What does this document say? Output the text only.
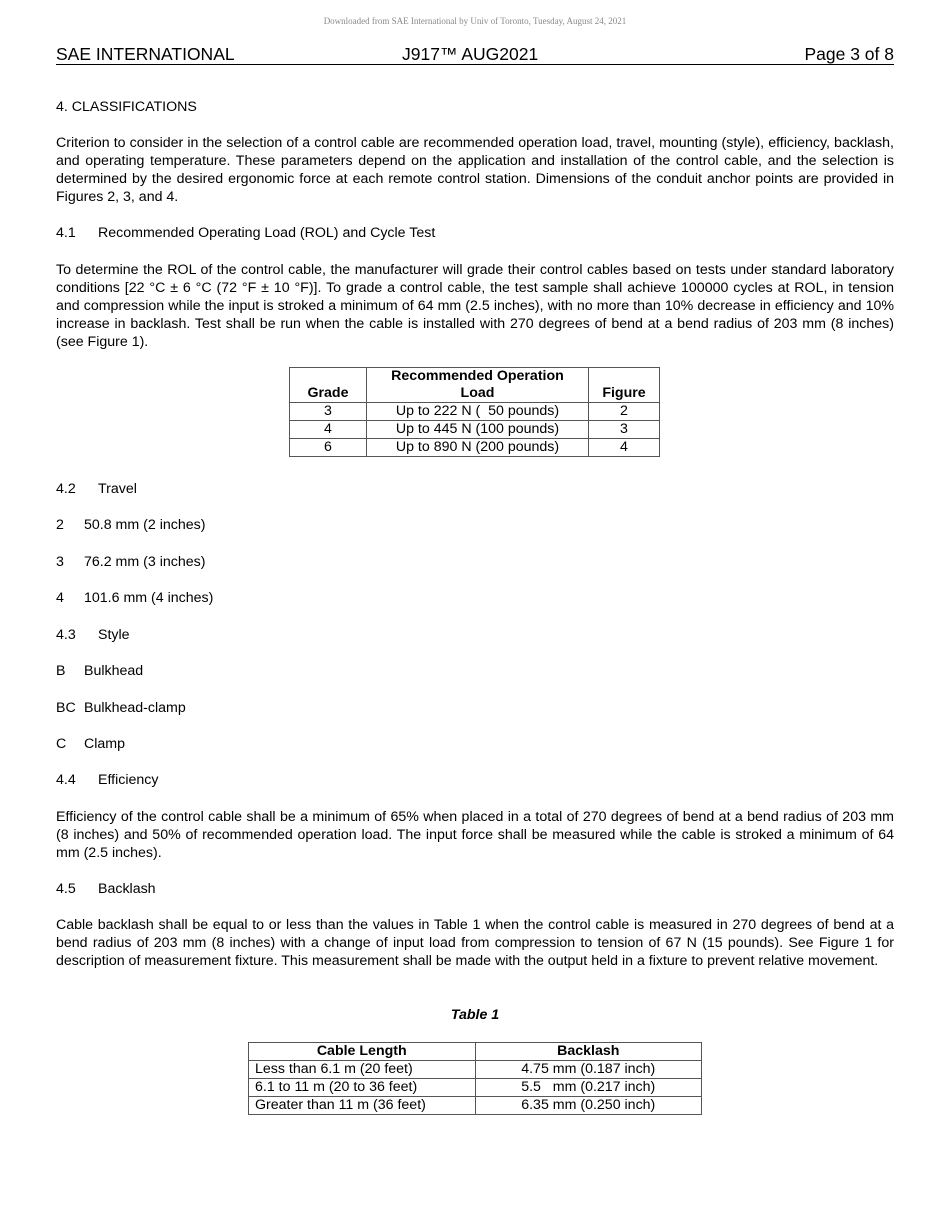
Downloaded from SAE International by Univ of Toronto, Tuesday, August 24, 2021
SAE INTERNATIONAL	J917™ AUG2021	Page 3 of 8
4. CLASSIFICATIONS
Criterion to consider in the selection of a control cable are recommended operation load, travel, mounting (style), efficiency, backlash, and operating temperature. These parameters depend on the application and installation of the control cable, and the selection is determined by the desired ergonomic force at each remote control station. Dimensions of the conduit anchor points are provided in Figures 2, 3, and 4.
4.1 Recommended Operating Load (ROL) and Cycle Test
To determine the ROL of the control cable, the manufacturer will grade their control cables based on tests under standard laboratory conditions [22 °C ± 6 °C (72 °F ± 10 °F)]. To grade a control cable, the test sample shall achieve 100000 cycles at ROL, in tension and compression while the input is stroked a minimum of 64 mm (2.5 inches), with no more than 10% decrease in efficiency and 10% increase in backlash. Test shall be run when the cable is installed with 270 degrees of bend at a bend radius of 203 mm (8 inches) (see Figure 1).
Grade	Recommended Operation Load	Figure
3	Up to 222 N (  50 pounds)	2
4	Up to 445 N (100 pounds)	3
6	Up to 890 N (200 pounds)	4
4.2 Travel
2 50.8 mm (2 inches)
3 76.2 mm (3 inches)
4 101.6 mm (4 inches)
4.3 Style
B Bulkhead
BC Bulkhead-clamp
C Clamp
4.4 Efficiency
Efficiency of the control cable shall be a minimum of 65% when placed in a total of 270 degrees of bend at a bend radius of 203 mm (8 inches) and 50% of recommended operation load. The input force shall be measured while the cable is stroked a minimum of 64 mm (2.5 inches).
4.5 Backlash
Cable backlash shall be equal to or less than the values in Table 1 when the control cable is measured in 270 degrees of bend at a bend radius of 203 mm (8 inches) with a change of input load from compression to tension of 67 N (15 pounds). See Figure 1 for description of measurement fixture. This measurement shall be made with the output held in a fixture to prevent relative movement.
Table 1
Cable Length	Backlash
Less than 6.1 m (20 feet)	4.75 mm (0.187 inch)
6.1 to 11 m (20 to 36 feet)	5.5   mm (0.217 inch)
Greater than 11 m (36 feet)	6.35 mm (0.250 inch)
